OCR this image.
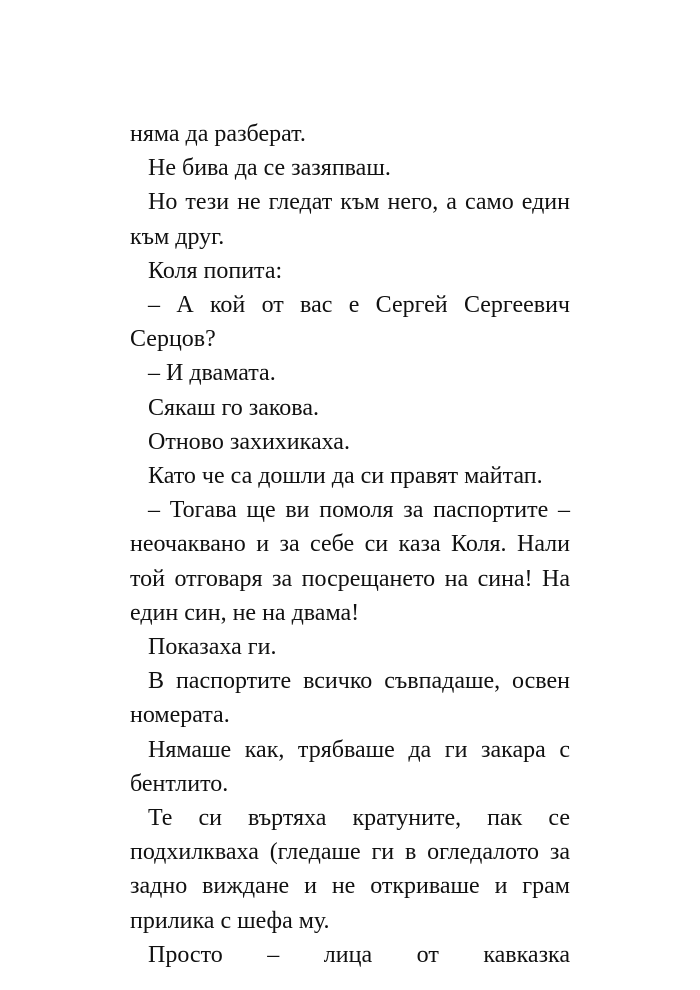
няма да разберат.

Не бива да се зазяпваш.

Но тези не гледат към него, а само един към друг.

Коля попита:

– А кой от вас е Сергей Сергеевич Серцов?

– И двамата.

Сякаш го закова.

Отново захихикаха.

Като че са дошли да си правят майтап.

– Тогава ще ви помоля за паспортите – неочаквано и за себе си каза Коля. Нали той отговаря за посрещането на сина! На един син, не на двама!

Показаха ги.

В паспортите всичко съвпадаше, освен номерата.

Нямаше как, трябваше да ги закара с бентлито.

Те си въртяха кратуните, пак се подхилкваха (гледаше ги в огледалото за задно виждане и не откриваше и грам прилика с шефа му.

Просто – лица от кавказка
